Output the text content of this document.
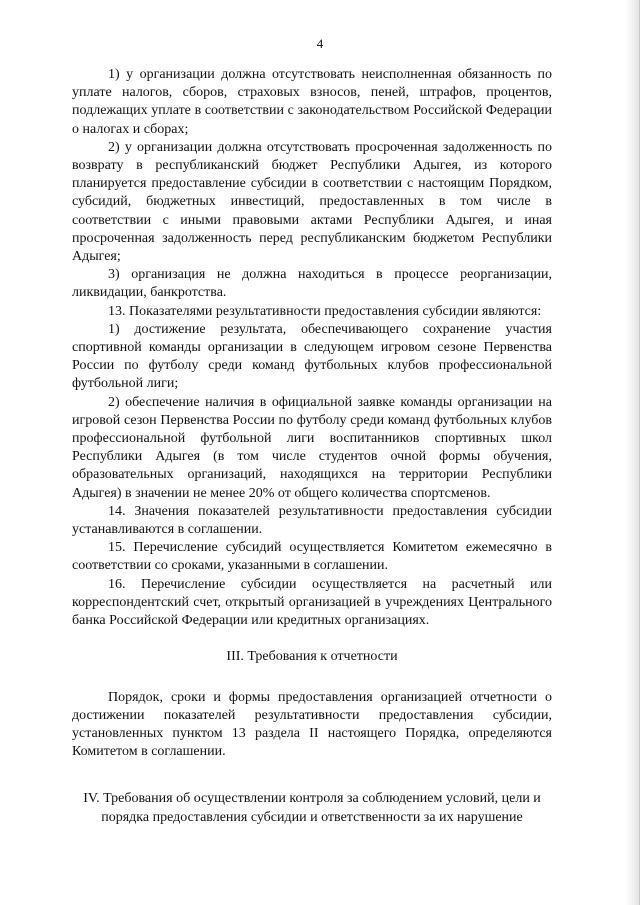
4

1) у организации должна отсутствовать неисполненная обязанность по уплате налогов, сборов, страховых взносов, пеней, штрафов, процентов, подлежащих уплате в соответствии с законодательством Российской Федерации о налогах и сборах;

2) у организации должна отсутствовать просроченная задолженность по возврату в республиканский бюджет Республики Адыгея, из которого планируется предоставление субсидии в соответствии с настоящим Порядком, субсидий, бюджетных инвестиций, предоставленных в том числе в соответствии с иными правовыми актами Республики Адыгея, и иная просроченная задолженность перед республиканским бюджетом Республики Адыгея;

3) организация не должна находиться в процессе реорганизации, ликвидации, банкротства.

13. Показателями результативности предоставления субсидии являются:

1) достижение результата, обеспечивающего сохранение участия спортивной команды организации в следующем игровом сезоне Первенства России по футболу среди команд футбольных клубов профессиональной футбольной лиги;

2) обеспечение наличия в официальной заявке команды организации на игровой сезон Первенства России по футболу среди команд футбольных клубов профессиональной футбольной лиги воспитанников спортивных школ Республики Адыгея (в том числе студентов очной формы обучения, образовательных организаций, находящихся на территории Республики Адыгея) в значении не менее 20% от общего количества спортсменов.

14. Значения показателей результативности предоставления субсидии устанавливаются в соглашении.

15. Перечисление субсидий осуществляется Комитетом ежемесячно в соответствии со сроками, указанными в соглашении.

16. Перечисление субсидии осуществляется на расчетный или корреспондентский счет, открытый организацией в учреждениях Центрального банка Российской Федерации или кредитных организациях.

III. Требования к отчетности

Порядок, сроки и формы предоставления организацией отчетности о достижении показателей результативности предоставления субсидии, установленных пунктом 13 раздела II настоящего Порядка, определяются Комитетом в соглашении.

IV. Требования об осуществлении контроля за соблюдением условий, цели и порядка предоставления субсидии и ответственности за их нарушение
